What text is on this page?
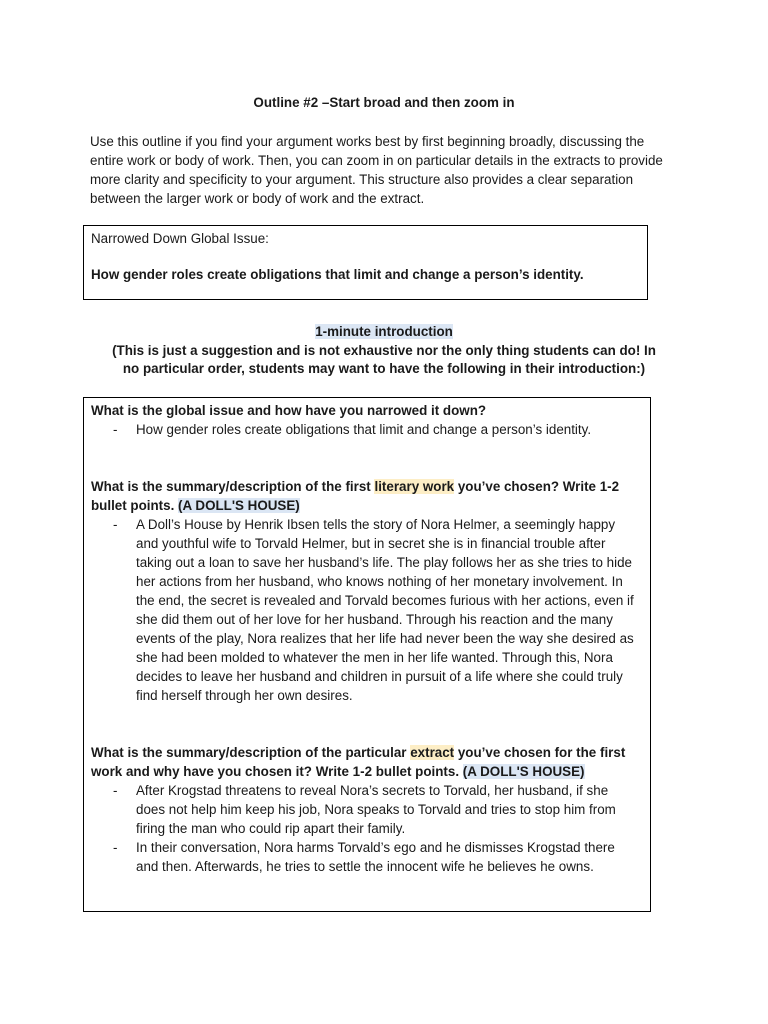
Outline #2 –Start broad and then zoom in
Use this outline if you find your argument works best by first beginning broadly, discussing the entire work or body of work. Then, you can zoom in on particular details in the extracts to provide more clarity and specificity to your argument. This structure also provides a clear separation between the larger work or body of work and the extract.
Narrowed Down Global Issue:
How gender roles create obligations that limit and change a person’s identity.
1-minute introduction
(This is just a suggestion and is not exhaustive nor the only thing students can do! In no particular order, students may want to have the following in their introduction:)
What is the global issue and how have you narrowed it down?
-	How gender roles create obligations that limit and change a person’s identity.
What is the summary/description of the first literary work you’ve chosen? Write 1-2 bullet points. (A DOLL'S HOUSE)
-	A Doll’s House by Henrik Ibsen tells the story of Nora Helmer, a seemingly happy and youthful wife to Torvald Helmer, but in secret she is in financial trouble after taking out a loan to save her husband’s life. The play follows her as she tries to hide her actions from her husband, who knows nothing of her monetary involvement. In the end, the secret is revealed and Torvald becomes furious with her actions, even if she did them out of her love for her husband. Through his reaction and the many events of the play, Nora realizes that her life had never been the way she desired as she had been molded to whatever the men in her life wanted. Through this, Nora decides to leave her husband and children in pursuit of a life where she could truly find herself through her own desires.
What is the summary/description of the particular extract you’ve chosen for the first work and why have you chosen it? Write 1-2 bullet points. (A DOLL'S HOUSE)
-	After Krogstad threatens to reveal Nora’s secrets to Torvald, her husband, if she does not help him keep his job, Nora speaks to Torvald and tries to stop him from firing the man who could rip apart their family.
-	In their conversation, Nora harms Torvald’s ego and he dismisses Krogstad there and then. Afterwards, he tries to settle the innocent wife he believes he owns.
